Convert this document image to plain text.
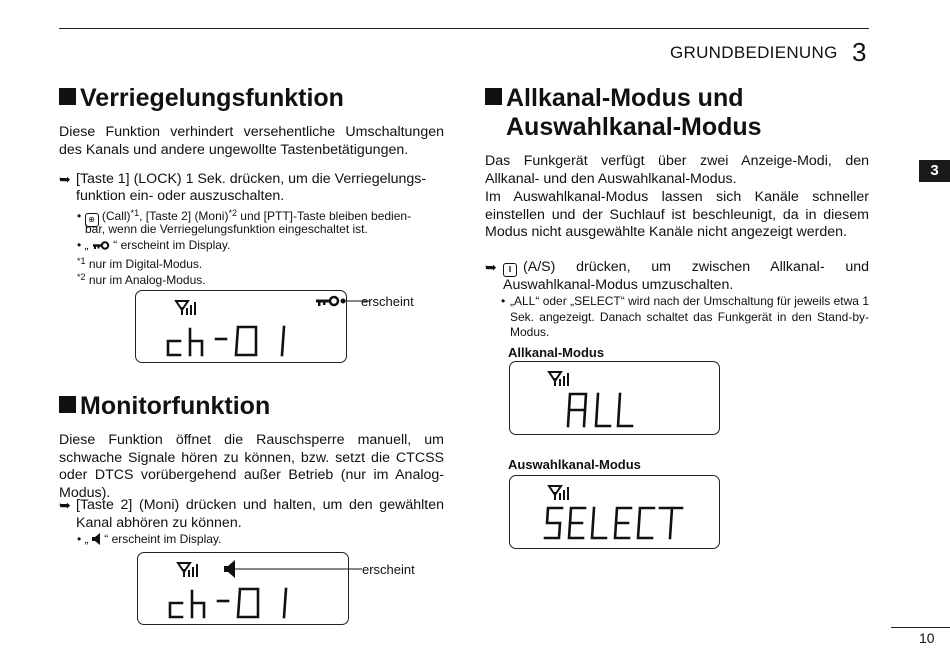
GRUNDBEDIENUNG 3
3
Verriegelungsfunktion
Diese Funktion verhindert versehentliche Umschaltungen des Kanals und andere ungewollte Tastenbetätigungen.
➥ [Taste 1] (LOCK) 1 Sek. drücken, um die Verriegelungs-
funktion ein- oder auszuschalten.
• ⊕ (Call)$^{*1}$, [Taste 2] (Moni)$^{*2}$ und [PTT]-Taste bleiben bedien-
bar, wenn die Verriegelungsfunktion eingeschaltet ist.
• „ “ erscheint im Display.
$^{*1}$ nur im Digital-Modus.
$^{*2}$ nur im Analog-Modus.
erscheint
Monitorfunktion
Diese Funktion öffnet die Rauschsperre manuell, um schwache Signale hören zu können, bzw. setzt die CTCSS oder DTCS vorübergehend außer Betrieb (nur im Analog-Modus).
➥ [Taste 2] (Moni) drücken und halten, um den gewählten Kanal abhören zu können.
• „ “ erscheint im Display.
erscheint
Allkanal-Modus und
Auswahlkanal-Modus
Das Funkgerät verfügt über zwei Anzeige-Modi, den Allkanal- und den Auswahlkanal-Modus.
Im Auswahlkanal-Modus lassen sich Kanäle schneller einstellen und der Suchlauf ist beschleunigt, da in diesem Modus nicht ausgewählte Kanäle nicht angezeigt werden.
➥	‖ (A/S) drücken, um zwischen Allkanal- und Auswahlkanal-Modus umzuschalten.
• „ALL“ oder „SELECT“ wird nach der Umschaltung für jeweils etwa 1 Sek. angezeigt. Danach schaltet das Funkgerät in den Stand-by-Modus.
Allkanal-Modus
Auswahlkanal-Modus
10
